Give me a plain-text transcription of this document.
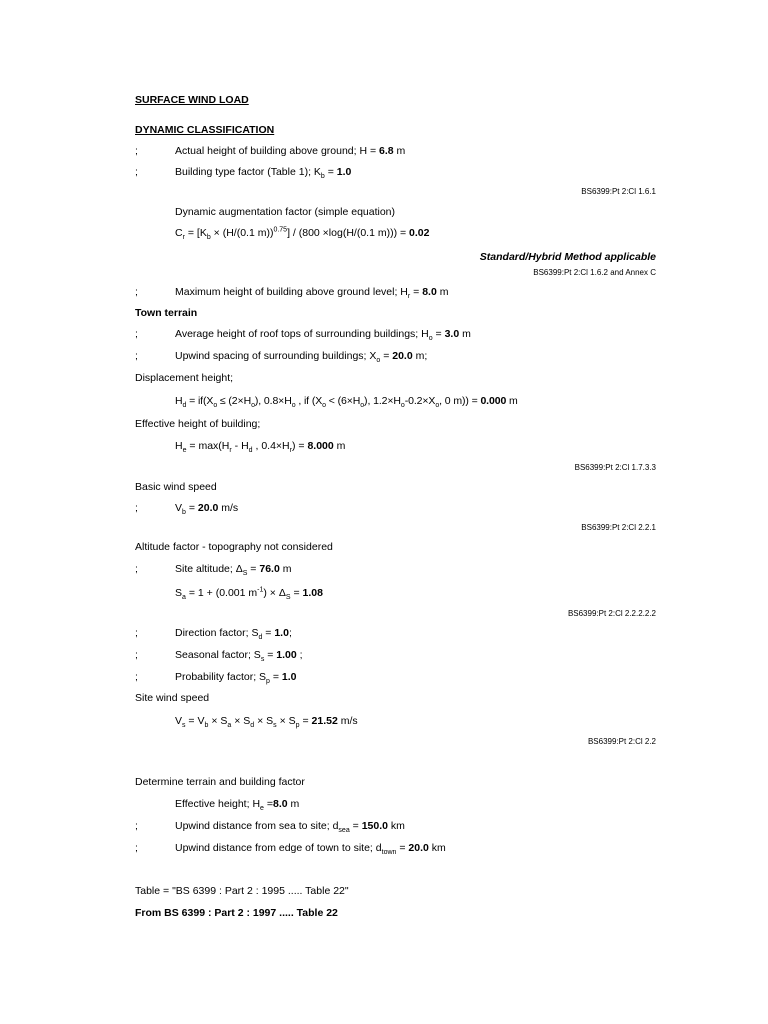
SURFACE WIND LOAD
DYNAMIC CLASSIFICATION
;	Actual height of building above ground; H = 6.8 m
;	Building type factor (Table 1); $K_b = 1.0$
BS6399:Pt 2:Cl 1.6.1
Dynamic augmentation factor (simple equation)
$C_r = [K_b \times (H/(0.1$ m))$^{0.75}$] / (800 ×log(H/(0.1 m))) = 0.02
Standard/Hybrid Method applicable
BS6399:Pt 2:Cl 1.6.2 and Annex C
;	Maximum height of building above ground level; $H_r = 8.0$ m
Town terrain
;	Average height of roof tops of surrounding buildings; $H_o = 3.0$ m
;	Upwind spacing of surrounding buildings; $X_o = 20.0$ m;
Displacement height;
$H_d = if(X_o \le (2\times H_o)$, $0.8\times H_o$ , if ($X_o < (6\times H_o)$, $1.2\times H_o-0.2\times X_o$, 0 m)) = 0.000 m
Effective height of building;
$H_e = \max(H_r - H_d$ , $0.4\times H_r) = 8.000$ m
BS6399:Pt 2:Cl 1.7.3.3
Basic wind speed
;	$V_b = 20.0$ m/s
BS6399:Pt 2:Cl 2.2.1
Altitude factor - topography not considered
;	Site altitude; $\Delta_S = 76.0$ m
$S_a = 1 + (0.001$ $m^{-1}) \times \Delta_S = 1.08$
BS6399:Pt 2:Cl 2.2.2.2.2
;	Direction factor; $S_d = 1.0$;
;	Seasonal factor; $S_s = 1.00$ ;
;	Probability factor; $S_p = 1.0$
Site wind speed
$V_s = V_b \times S_a \times S_d \times S_s \times S_p = 21.52$ m/s
BS6399:Pt 2:Cl 2.2
Determine terrain and building factor
Effective height; $H_e =8.0$ m
;	Upwind distance from sea to site; $d_{sea} = 150.0$ km
;	Upwind distance from edge of town to site; $d_{town} = 20.0$ km
Table = "BS 6399 : Part 2 : 1995 ..... Table 22"
From BS 6399 : Part 2 : 1997 ..... Table 22
